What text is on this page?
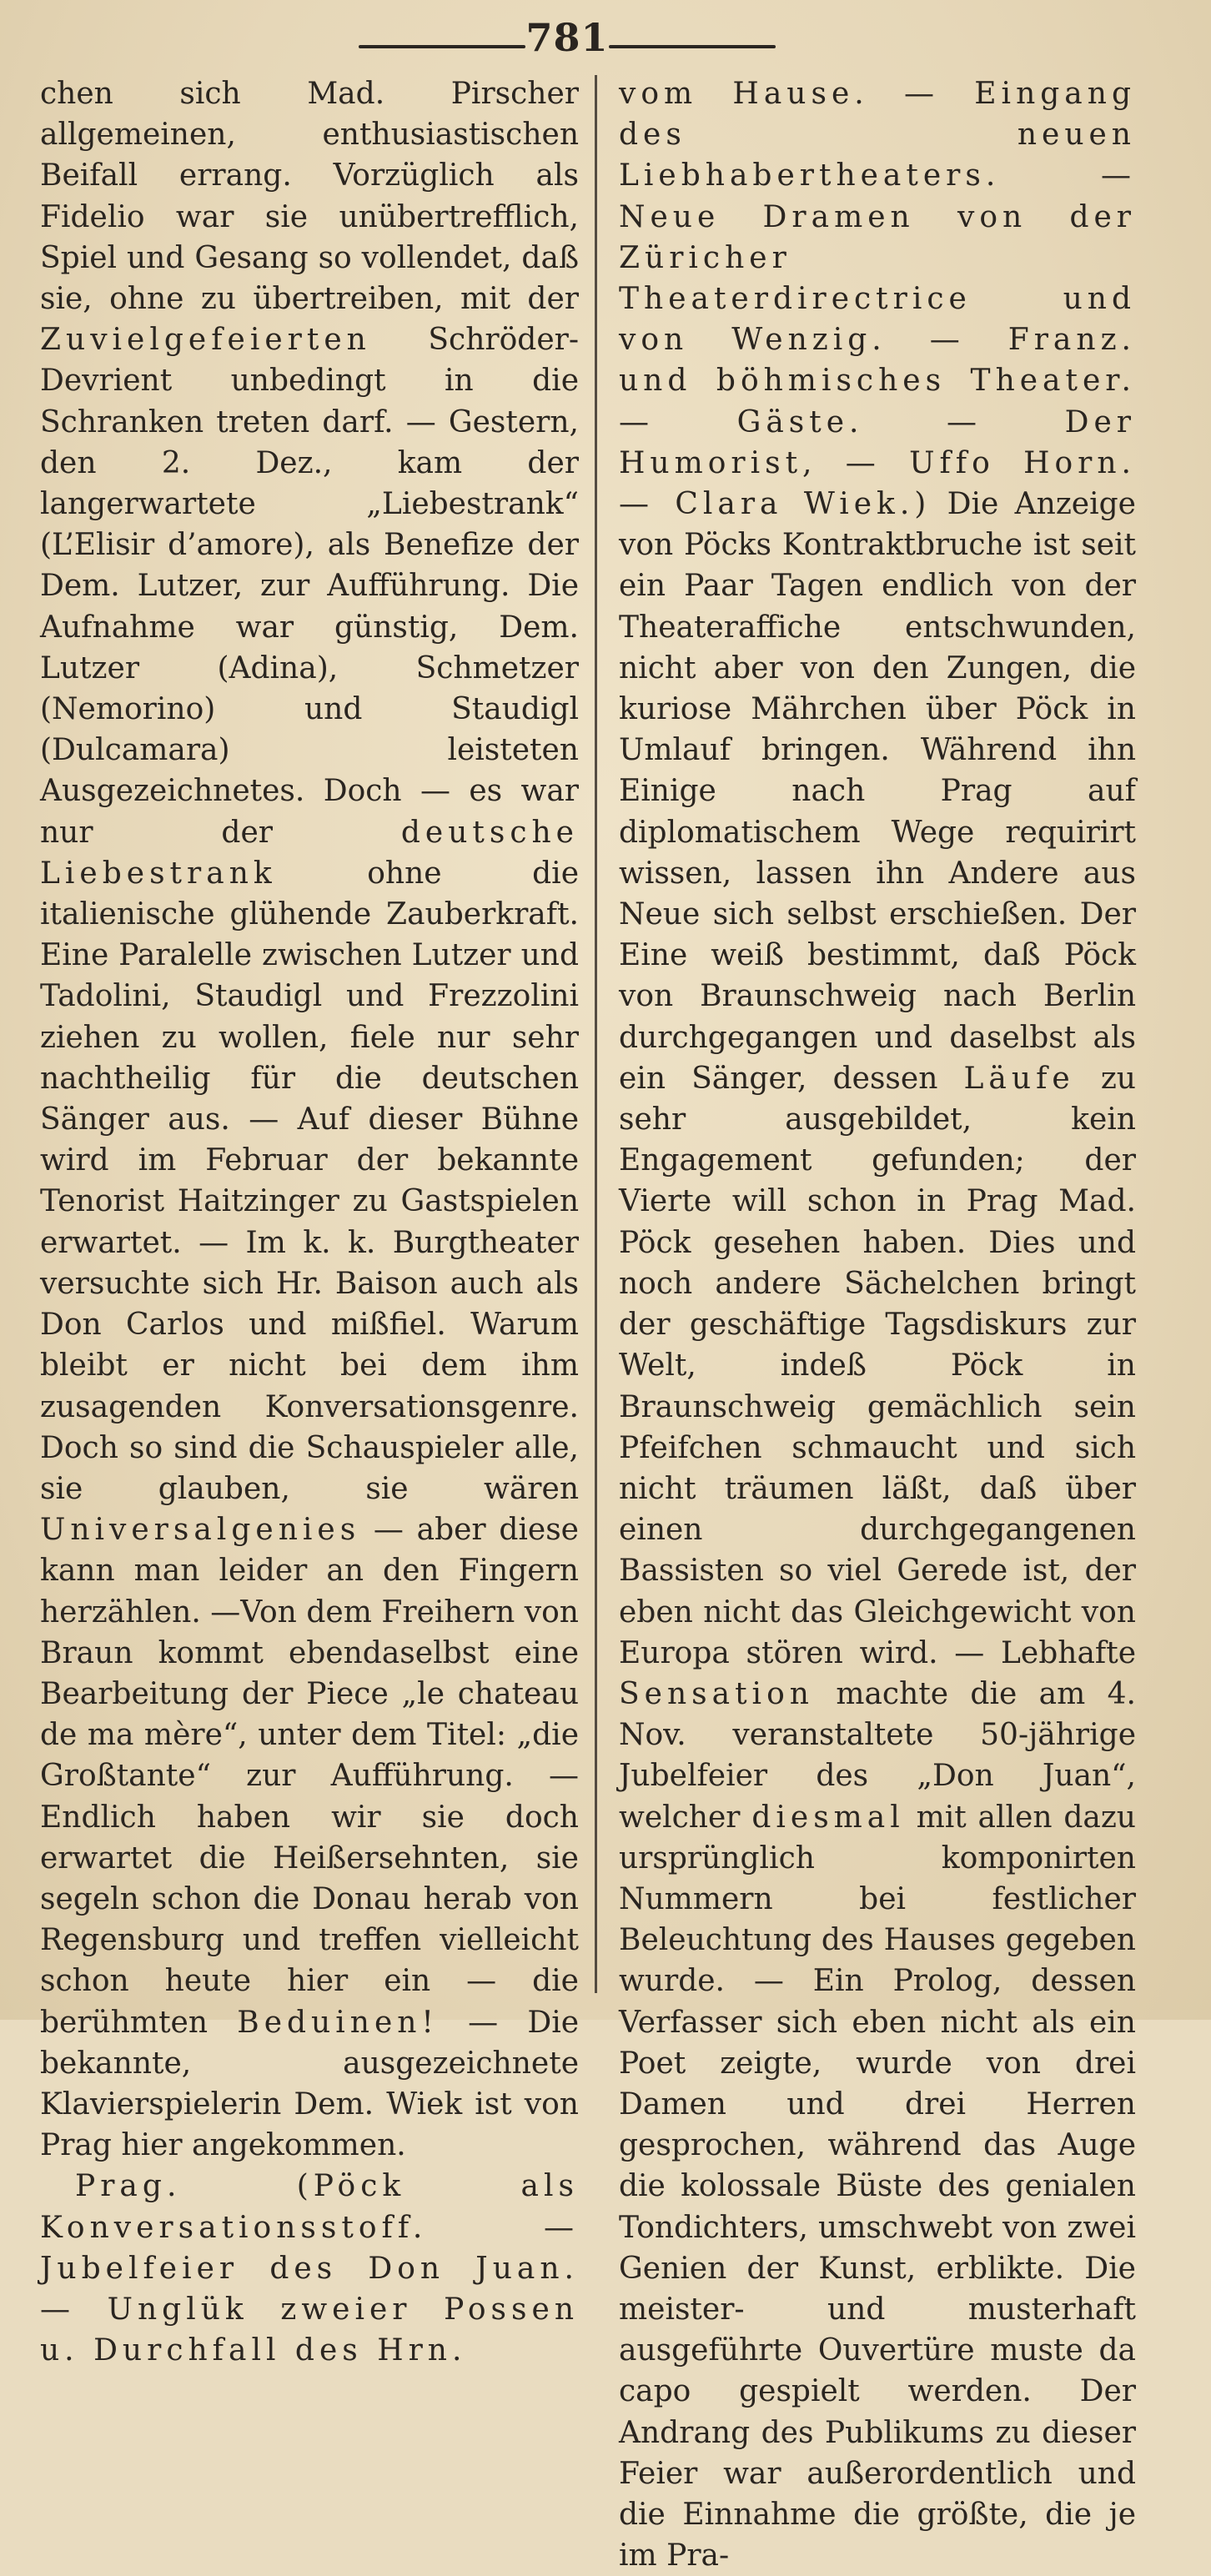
781

chen sich Mad. Pirscher allgemeinen, enthusiastischen Beifall errang. Vorzüglich als Fidelio war sie unübertrefflich, Spiel und Gesang so vollendet, daß sie, ohne zu übertreiben, mit der Zuvielgefeierten Schröder-Devrient unbedingt in die Schranken treten darf. — Gestern, den 2. Dez., kam der langerwartete „Liebestrank“ (L’Elisir d’amore), als Benefize der Dem. Lutzer, zur Aufführung. Die Aufnahme war günstig, Dem. Lutzer (Adina), Schmetzer (Nemorino) und Staudigl (Dulcamara) leisteten Ausgezeichnetes. Doch — es war nur der	deutsche Liebestrank	ohne die italienische glühende Zauberkraft. Eine Paralelle zwischen Lutzer und Tadolini, Staudigl und Frezzolini ziehen zu wollen, fiele nur sehr nachtheilig für die deutschen Sänger aus. — Auf dieser Bühne wird im Februar der bekannte Tenorist Haitzinger zu Gastspielen erwartet. — Im k. k. Burgtheater versuchte sich Hr. Baison auch als Don Carlos und mißfiel. Warum bleibt er nicht bei dem ihm zusagenden Konversationsgenre. Doch so sind die Schauspieler alle, sie glauben, sie wären Universalgenies — aber diese kann man leider an den Fingern herzählen. —Von dem Freihern von Braun kommt ebendaselbst eine Bearbeitung der Piece „le chateau de ma mère“, unter dem Titel: „die Großtante“ zur Aufführung. — Endlich haben wir sie doch erwartet die Heißersehnten, sie segeln schon die Donau herab von Regensburg und treffen vielleicht schon heute hier ein — die berühmten Beduinen! — Die bekannte, ausgezeichnete Klavierspielerin Dem. Wiek ist von Prag hier angekommen.

Prag. (Pöck als Konversationsstoff. — Jubelfeier des Don Juan. — Unglük zweier Possen u. Durchfall des Hrn.

vom Hause. — Eingang des neuen Liebhabertheaters. — Neue Dramen von der Züricher Theaterdirectrice und von Wenzig. — Franz. und böhmisches Theater. — Gäste. — Der Humorist, — Uffo Horn. — Clara Wiek.) Die Anzeige von Pöcks Kontraktbruche ist seit ein Paar Tagen endlich von der Theateraffiche entschwunden, nicht aber von den Zungen, die kuriose Mährchen über Pöck in Umlauf bringen. Während ihn Einige nach Prag auf diplomatischem Wege requirirt wissen, lassen ihn Andere aus Neue sich selbst erschießen. Der Eine weiß bestimmt, daß Pöck von Braunschweig nach Berlin durchgegangen und daselbst als ein Sänger, dessen Läufe zu sehr ausgebildet, kein Engagement gefunden; der Vierte will schon in Prag Mad. Pöck gesehen haben. Dies und noch andere Sächelchen bringt der geschäftige Tagsdiskurs zur Welt, indeß Pöck in Braunschweig gemächlich sein Pfeifchen schmaucht und sich nicht träumen läßt, daß über einen durchgegangenen Bassisten so viel Gerede ist, der eben nicht das Gleichgewicht von Europa stören wird. — Lebhafte Sensation machte die am 4. Nov. veranstaltete 50-jährige Jubelfeier des „Don Juan“, welcher diesmal mit allen dazu ursprünglich komponirten Nummern bei festlicher Beleuchtung des Hauses gegeben wurde. — Ein Prolog, dessen Verfasser sich eben nicht als ein Poet zeigte, wurde von drei Damen und drei Herren gesprochen, während das Auge die kolossale Büste des genialen Tondichters, umschwebt von zwei Genien der Kunst, erblikte. Die meister- und musterhaft ausgeführte Ouvertüre muste da capo gespielt werden. Der Andrang des Publikums zu dieser Feier war außerordentlich und die Einnahme die größte, die je im Pra-
